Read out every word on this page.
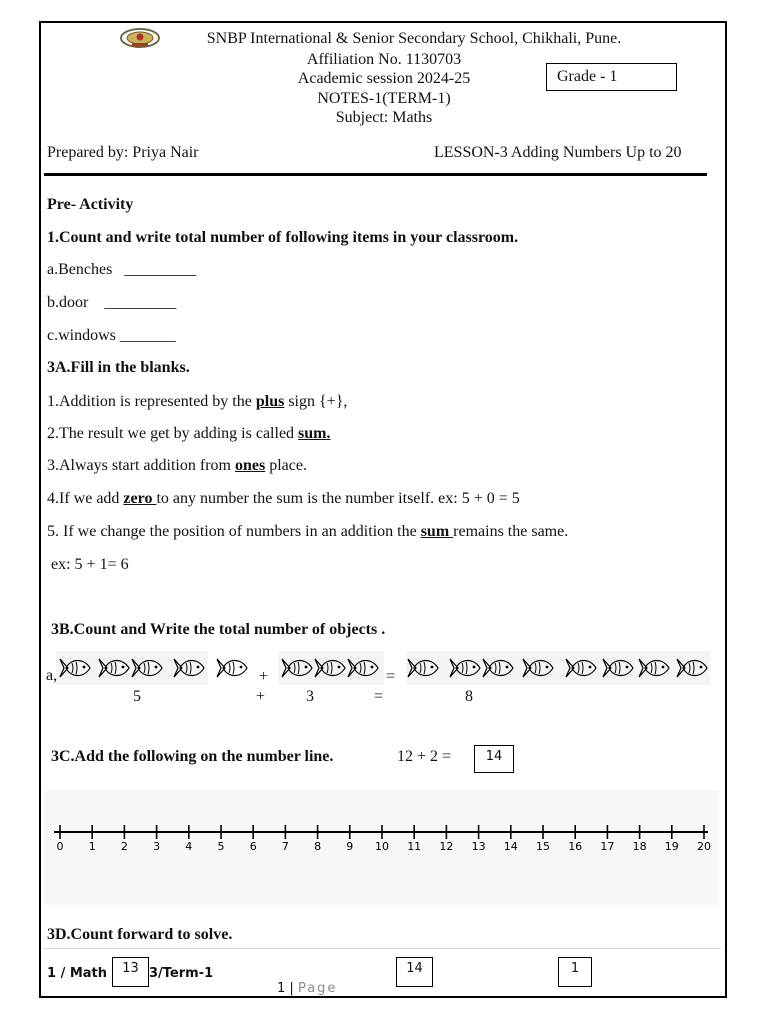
SNBP International & Senior Secondary School, Chikhali, Pune.
Affiliation No. 1130703
Academic session 2024-25
NOTES-1(TERM-1)
Subject: Maths
Grade - 1
Prepared by: Priya Nair	LESSON-3 Adding Numbers Up to 20
Pre- Activity
1.Count and write total number of following items in your classroom.
a.Benches   _________
b.door    _________
c.windows _______
3A.Fill in the blanks.
1.Addition is represented by the plus sign {+},
2.The result we get by adding is called sum.
3.Always start addition from ones place.
4.If we add zero to any number the sum is the number itself. ex: 5 + 0 = 5
5. If we change the position of numbers in an addition the sum remains the same.
ex: 5 + 1= 6
3B.Count and Write the total number of objects .
a,	+	=
5	+	3	=	8
3C.Add the following on the number line.	12 + 2 =	14
0 1 2 3 4 5 6 7 8 9 10 11 12 13 14 15 16 17 18 19 20
3D.Count forward to solve.
1 / Math	3/Term-1
13	14	1
1 | Page
